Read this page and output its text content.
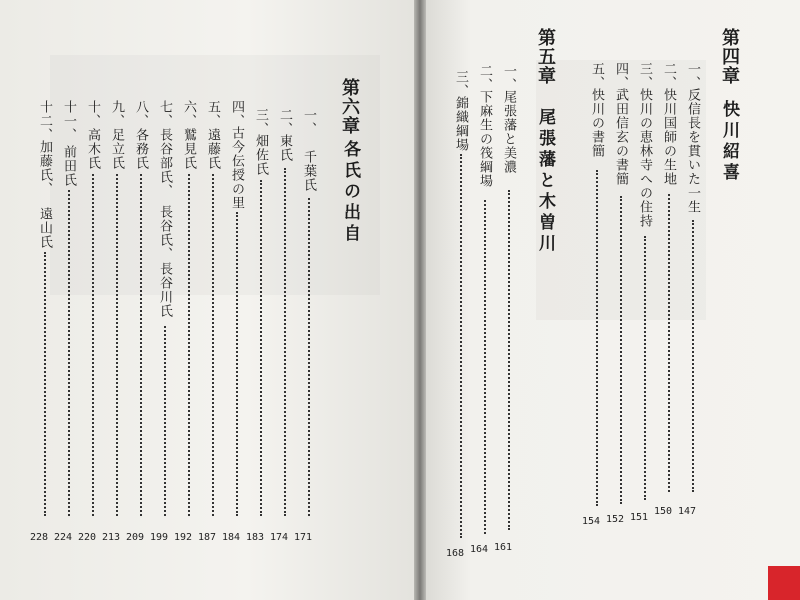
第六章
各氏の出自
一、
千葉氏
171
二、
東氏
174
三、
畑佐氏
183
四、
古今伝授の里
184
五、
遠藤氏
187
六、
鷲見氏
192
七、
長谷部氏、
長谷氏、
長谷川氏
199
八、
各務氏
209
九、
足立氏
213
十、
高木氏
220
十一、
前田氏
224
十二、
加藤氏、
遠山氏
228
第四章
快川紹喜
一、
反信長を貫いた一生
147
二、
快川国師の生地
150
三、
快川の恵林寺への住持
151
四、
武田信玄の書簡
152
五、
快川の書簡
154
第五章
尾張藩と木曽川
一、
尾張藩と美濃
161
二、
下麻生の筏綱場
164
三、
錦織綱場
168
